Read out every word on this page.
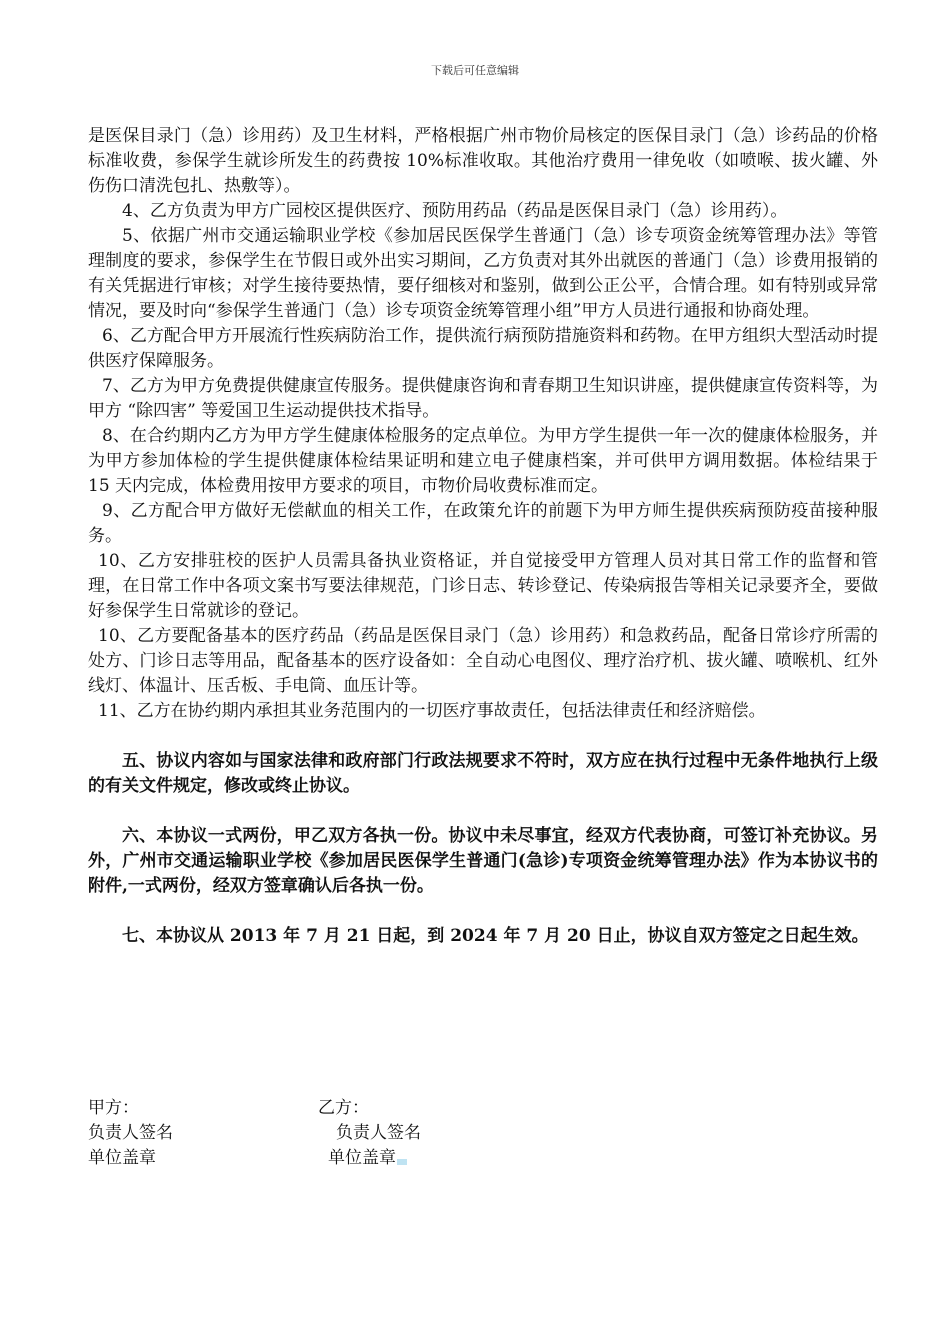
下载后可任意编辑

是医保目录门（急）诊用药）及卫生材料，严格根据广州市物价局核定的医保目录门（急）诊药品的价格标准收费，参保学生就诊所发生的药费按 10%标准收取。其他治疗费用一律免收（如喷喉、拔火罐、外伤伤口清洗包扎、热敷等）。

4、乙方负责为甲方广园校区提供医疗、预防用药品（药品是医保目录门（急）诊用药）。

5、依据广州市交通运输职业学校《参加居民医保学生普通门（急）诊专项资金统筹管理办法》等管理制度的要求，参保学生在节假日或外出实习期间，乙方负责对其外出就医的普通门（急）诊费用报销的有关凭据进行审核；对学生接待要热情，要仔细核对和鉴别，做到公正公平，合情合理。如有特别或异常情况，要及时向“参保学生普通门（急）诊专项资金统筹管理小组”甲方人员进行通报和协商处理。

6、乙方配合甲方开展流行性疾病防治工作，提供流行病预防措施资料和药物。在甲方组织大型活动时提供医疗保障服务。

7、乙方为甲方免费提供健康宣传服务。提供健康咨询和青春期卫生知识讲座，提供健康宣传资料等，为甲方 “除四害” 等爱国卫生运动提供技术指导。

8、在合约期内乙方为甲方学生健康体检服务的定点单位。为甲方学生提供一年一次的健康体检服务，并为甲方参加体检的学生提供健康体检结果证明和建立电子健康档案，并可供甲方调用数据。体检结果于 15 天内完成，体检费用按甲方要求的项目，市物价局收费标准而定。

9、乙方配合甲方做好无偿献血的相关工作，在政策允许的前题下为甲方师生提供疾病预防疫苗接种服务。

10、乙方安排驻校的医护人员需具备执业资格证，并自觉接受甲方管理人员对其日常工作的监督和管理，在日常工作中各项文案书写要法律规范，门诊日志、转诊登记、传染病报告等相关记录要齐全，要做好参保学生日常就诊的登记。

10、乙方要配备基本的医疗药品（药品是医保目录门（急）诊用药）和急救药品，配备日常诊疗所需的处方、门诊日志等用品，配备基本的医疗设备如：全自动心电图仪、理疗治疗机、拔火罐、喷喉机、红外线灯、体温计、压舌板、手电筒、血压计等。

11、乙方在协约期内承担其业务范围内的一切医疗事故责任，包括法律责任和经济赔偿。

五、协议内容如与国家法律和政府部门行政法规要求不符时，双方应在执行过程中无条件地执行上级的有关文件规定，修改或终止协议。

六、本协议一式两份，甲乙双方各执一份。协议中未尽事宜，经双方代表协商，可签订补充协议。另外，广州市交通运输职业学校《参加居民医保学生普通门(急诊)专项资金统筹管理办法》作为本协议书的附件,一式两份，经双方签章确认后各执一份。

七、本协议从 2013 年 7 月 21 日起，到 2024 年 7 月 20 日止，协议自双方签定之日起生效。

甲方：	乙方：
负责人签名	负责人签名
单位盖章	单位盖章
